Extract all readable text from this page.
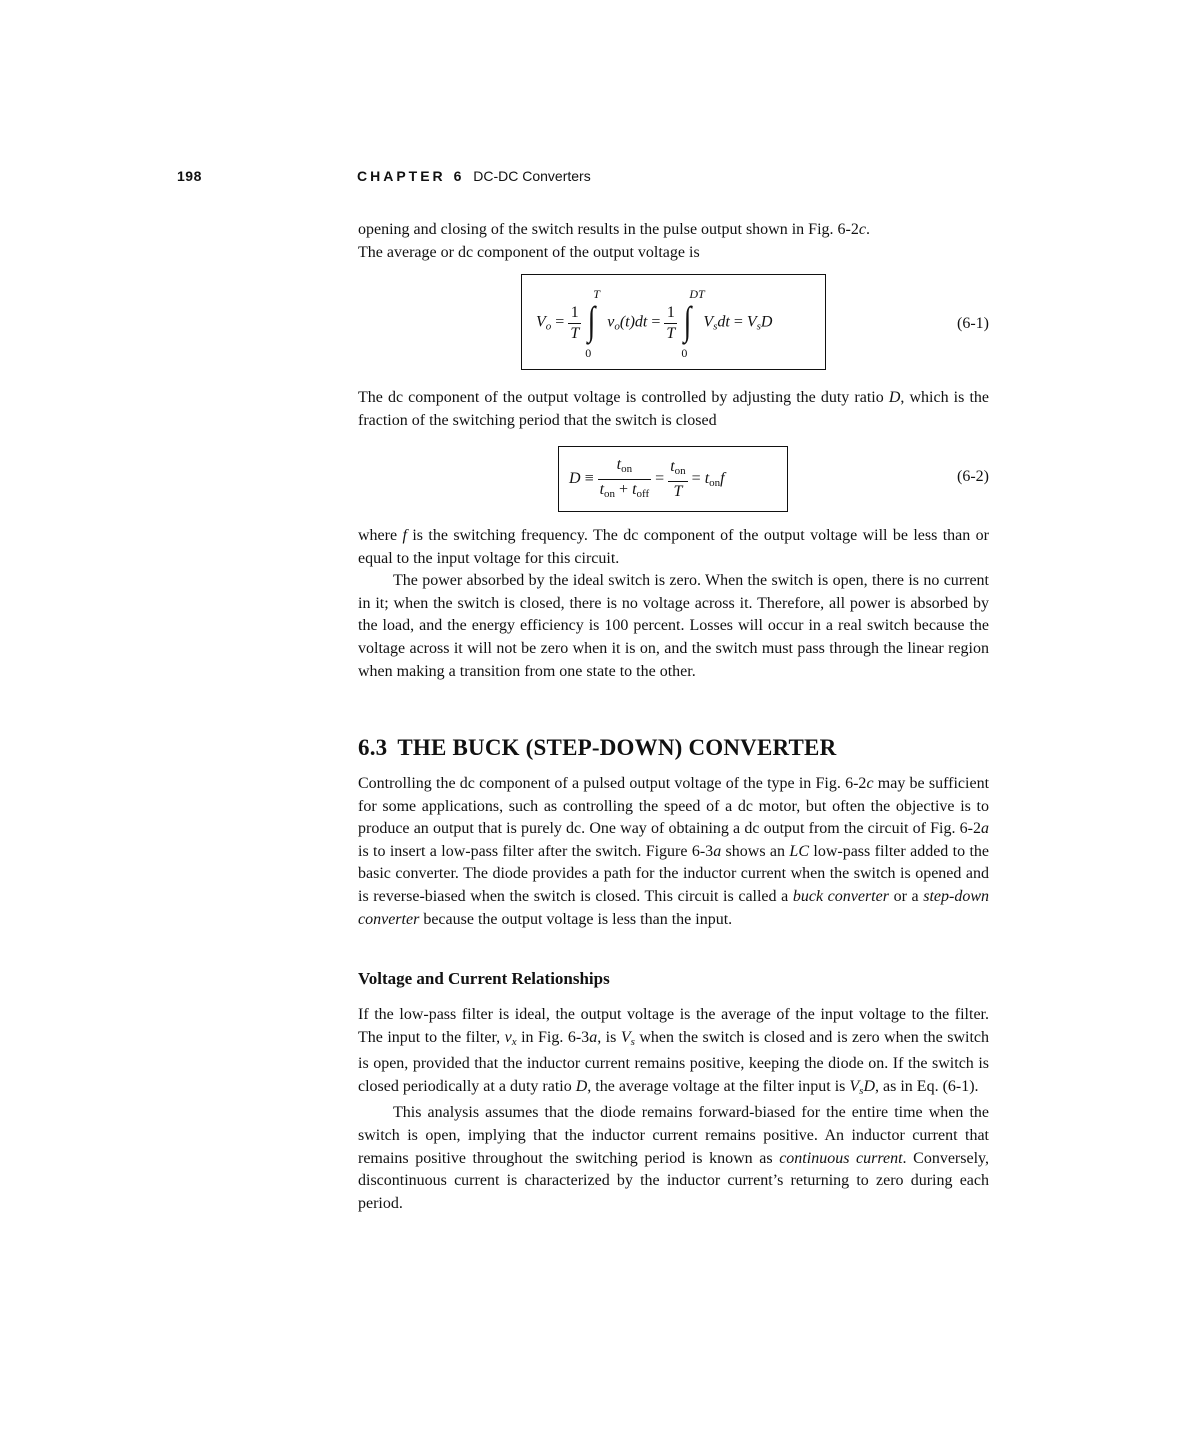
198	CHAPTER 6 DC-DC Converters

opening and closing of the switch results in the pulse output shown in Fig. 6-2c.
The average or dc component of the output voltage is

$Vo = \frac{1}{T}$

T
∫
0
$vo(t)dt = \frac{1}{T}$

DT
∫
0
Vsdt = VsD	(6-1)

The dc component of the output voltage is controlled by adjusting the duty ratio D, which is the fraction of the switching period that the switch is closed

$D \equiv \frac{t_{on}}{t_{on} + t_{off}} = \frac{t_{on}}{T} = t_{on}f$	(6-2)

where f is the switching frequency. The dc component of the output voltage will be less than or equal to the input voltage for this circuit.

The power absorbed by the ideal switch is zero. When the switch is open, there is no current in it; when the switch is closed, there is no voltage across it. Therefore, all power is absorbed by the load, and the energy efficiency is 100 percent. Losses will occur in a real switch because the voltage across it will not be zero when it is on, and the switch must pass through the linear region when making a transition from one state to the other.

6.3 THE BUCK (STEP-DOWN) CONVERTER

Controlling the dc component of a pulsed output voltage of the type in Fig. 6-2c may be sufficient for some applications, such as controlling the speed of a dc motor, but often the objective is to produce an output that is purely dc. One way of obtaining a dc output from the circuit of Fig. 6-2a is to insert a low-pass filter after the switch. Figure 6-3a shows an LC low-pass filter added to the basic converter. The diode provides a path for the inductor current when the switch is opened and is reverse-biased when the switch is closed. This circuit is called a buck converter or a step-down converter because the output voltage is less than the input.

Voltage and Current Relationships

If the low-pass filter is ideal, the output voltage is the average of the input voltage to the filter. The input to the filter, vx in Fig. 6-3a, is Vs when the switch is closed and is zero when the switch is open, provided that the inductor current remains positive, keeping the diode on. If the switch is closed periodically at a duty ratio D, the average voltage at the filter input is VsD, as in Eq. (6-1).

This analysis assumes that the diode remains forward-biased for the entire time when the switch is open, implying that the inductor current remains positive. An inductor current that remains positive throughout the switching period is known as continuous current. Conversely, discontinuous current is characterized by the inductor current’s returning to zero during each period.
